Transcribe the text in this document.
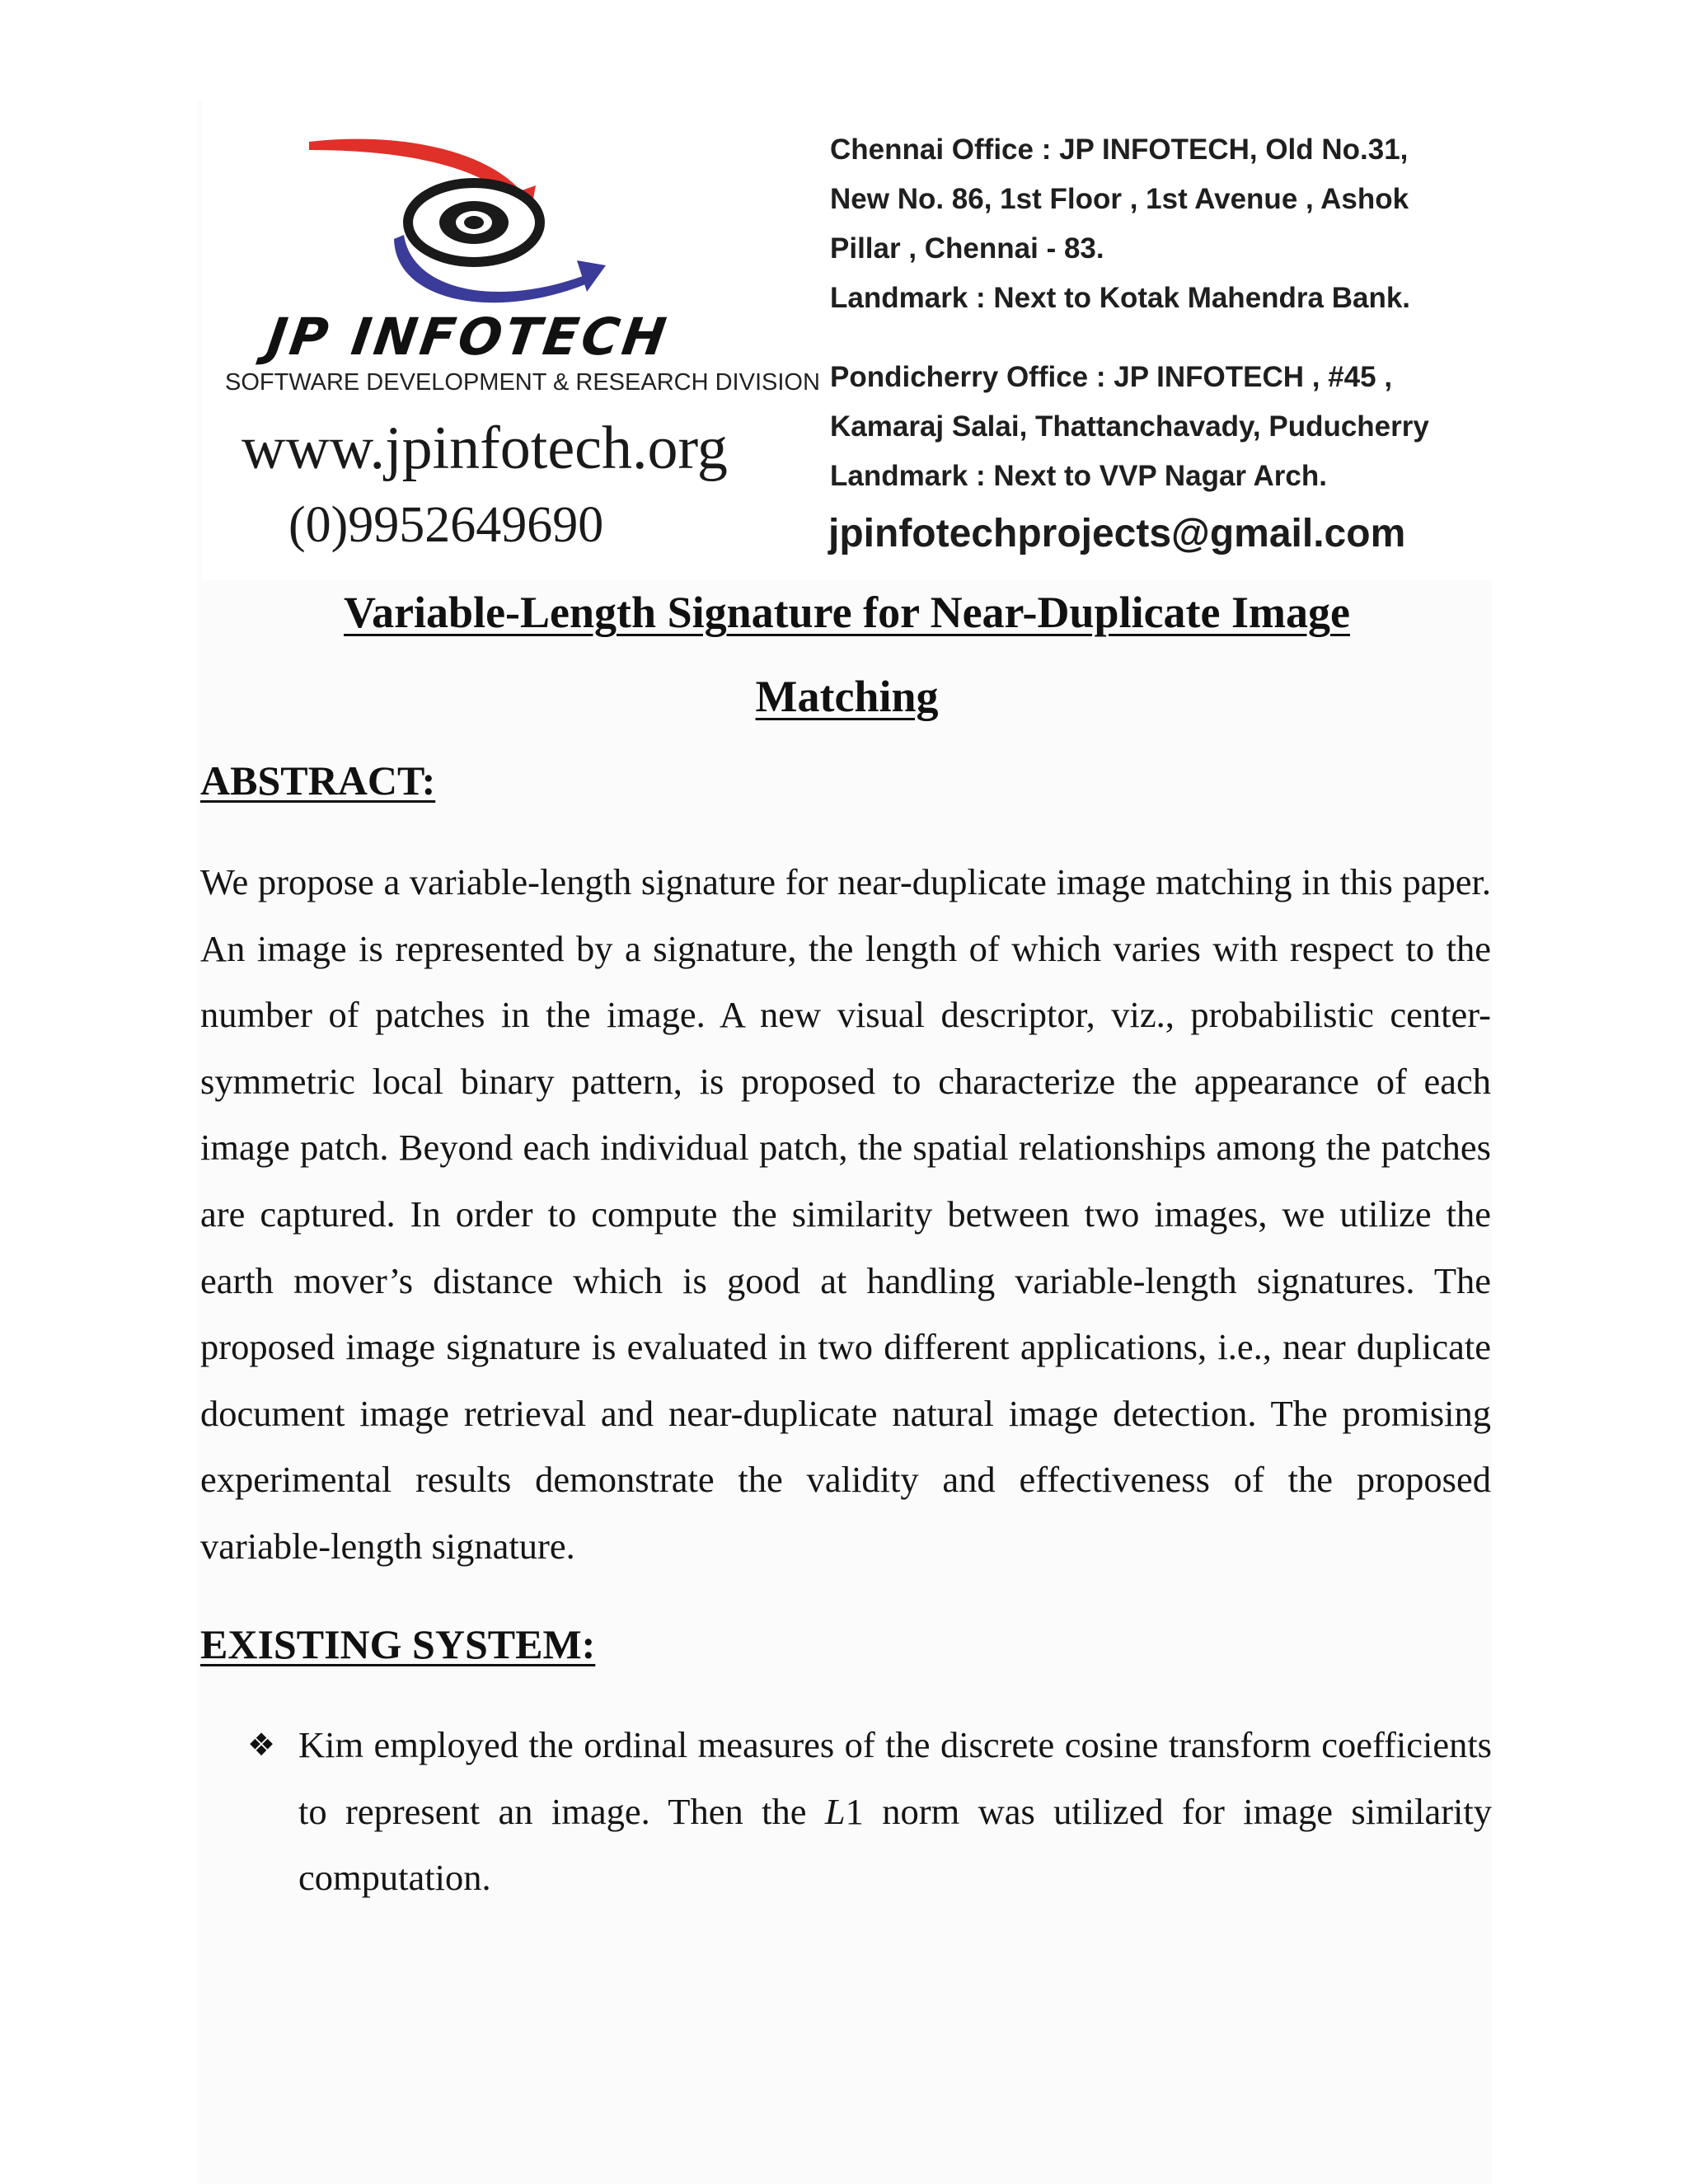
JP INFOTECH
SOFTWARE DEVELOPMENT & RESEARCH DIVISION
www.jpinfotech.org
(0)9952649690
Chennai Office : JP INFOTECH, Old No.31,
New No. 86, 1st Floor , 1st Avenue , Ashok
Pillar , Chennai - 83.
Landmark : Next to Kotak Mahendra Bank.
Pondicherry Office : JP INFOTECH , #45 ,
Kamaraj Salai, Thattanchavady, Puducherry
Landmark : Next to VVP Nagar Arch.
jpinfotechprojects@gmail.com
Variable-Length Signature for Near-Duplicate Image
Matching
ABSTRACT:

We propose a variable-length signature for near-duplicate image matching in this paper. An image is represented by a signature, the length of which varies with respect to the number of patches in the image. A new visual descriptor, viz., probabilistic center-symmetric local binary pattern, is proposed to characterize the appearance of each image patch. Beyond each individual patch, the spatial relationships among the patches are captured. In order to compute the similarity between two images, we utilize the earth mover’s distance which is good at handling variable-length signatures. The proposed image signature is evaluated in two different applications, i.e., near duplicate document image retrieval and near-duplicate natural image detection. The promising experimental results demonstrate the validity and effectiveness of the proposed variable-length signature.

EXISTING SYSTEM:
❖ Kim employed the ordinal measures of the discrete cosine transform coefficients to represent an image. Then the L1 norm was utilized for image similarity computation.
